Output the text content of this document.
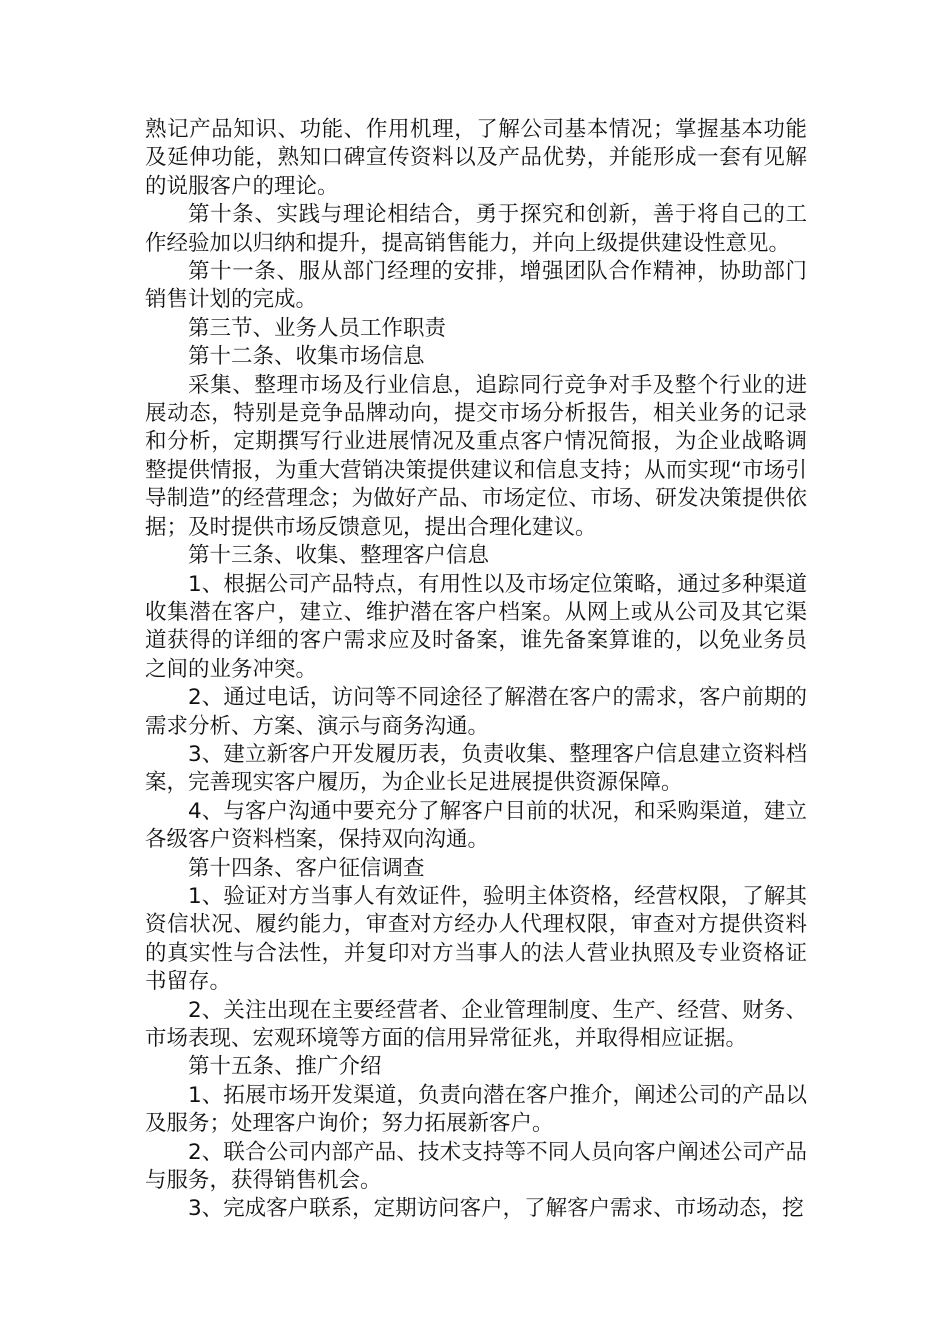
熟记产品知识、功能、作用机理，了解公司基本情况；掌握基本功能及延伸功能，熟知口碑宣传资料以及产品优势，并能形成一套有见解的说服客户的理论。

第十条、实践与理论相结合，勇于探究和创新，善于将自己的工作经验加以归纳和提升，提高销售能力，并向上级提供建设性意见。

第十一条、服从部门经理的安排，增强团队合作精神，协助部门销售计划的完成。

第三节、业务人员工作职责

第十二条、收集市场信息

采集、整理市场及行业信息，追踪同行竞争对手及整个行业的进展动态，特别是竞争品牌动向，提交市场分析报告，相关业务的记录和分析，定期撰写行业进展情况及重点客户情况简报，为企业战略调整提供情报，为重大营销决策提供建议和信息支持；从而实现“市场引导制造”的经营理念；为做好产品、市场定位、市场、研发决策提供依据；及时提供市场反馈意见，提出合理化建议。

第十三条、收集、整理客户信息

1、根据公司产品特点，有用性以及市场定位策略，通过多种渠道收集潜在客户，建立、维护潜在客户档案。从网上或从公司及其它渠道获得的详细的客户需求应及时备案，谁先备案算谁的，以免业务员之间的业务冲突。

2、通过电话，访问等不同途径了解潜在客户的需求，客户前期的需求分析、方案、演示与商务沟通。

3、建立新客户开发履历表，负责收集、整理客户信息建立资料档案，完善现实客户履历，为企业长足进展提供资源保障。

4、与客户沟通中要充分了解客户目前的状况，和采购渠道，建立各级客户资料档案，保持双向沟通。

第十四条、客户征信调查

1、验证对方当事人有效证件，验明主体资格，经营权限，了解其资信状况、履约能力，审查对方经办人代理权限，审查对方提供资料的真实性与合法性，并复印对方当事人的法人营业执照及专业资格证书留存。

2、关注出现在主要经营者、企业管理制度、生产、经营、财务、市场表现、宏观环境等方面的信用异常征兆，并取得相应证据。

第十五条、推广介绍

1、拓展市场开发渠道，负责向潜在客户推介，阐述公司的产品以及服务；处理客户询价；努力拓展新客户。

2、联合公司内部产品、技术支持等不同人员向客户阐述公司产品与服务，获得销售机会。

3、完成客户联系，定期访问客户，了解客户需求、市场动态，挖
